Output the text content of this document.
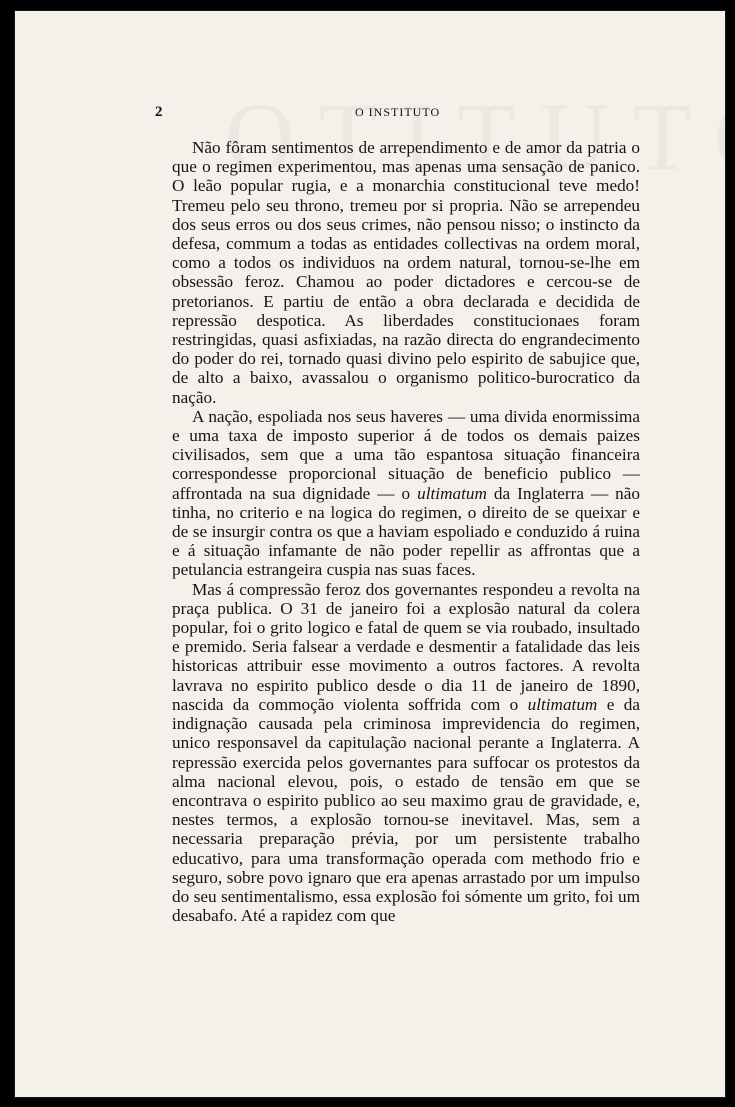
2	O INSTITUTO

Não fôram sentimentos de arrependimento e de amor da patria o que o regimen experimentou, mas apenas uma sensação de panico. O leão popular rugia, e a monarchia constitucional teve medo! Tremeu pelo seu throno, tremeu por si propria. Não se arrependeu dos seus erros ou dos seus crimes, não pensou nisso; o instincto da defesa, commum a todas as entidades collectivas na ordem moral, como a todos os individuos na ordem natural, tornou-se-lhe em obsessão feroz. Chamou ao poder dictadores e cercou-se de pretorianos. E partiu de então a obra declarada e decidida de repressão despotica. As liberdades constitucionaes foram restringidas, quasi asfixiadas, na razão directa do engrandecimento do poder do rei, tornado quasi divino pelo espirito de sabujice que, de alto a baixo, avassalou o organismo politico-burocratico da nação.

A nação, espoliada nos seus haveres — uma divida enormissima e uma taxa de imposto superior á de todos os demais paizes civilisados, sem que a uma tão espantosa situação financeira correspondesse proporcional situação de beneficio publico — affrontada na sua dignidade — o ultimatum da Inglaterra — não tinha, no criterio e na logica do regimen, o direito de se queixar e de se insurgir contra os que a haviam espoliado e conduzido á ruina e á situação infamante de não poder repellir as affrontas que a petulancia estrangeira cuspia nas suas faces.

Mas á compressão feroz dos governantes respondeu a revolta na praça publica. O 31 de janeiro foi a explosão natural da colera popular, foi o grito logico e fatal de quem se via roubado, insultado e premido. Seria falsear a verdade e desmentir a fatalidade das leis historicas attribuir esse movimento a outros factores. A revolta lavrava no espirito publico desde o dia 11 de janeiro de 1890, nascida da commoção violenta soffrida com o ultimatum e da indignação causada pela criminosa imprevidencia do regimen, unico responsavel da capitulação nacional perante a Inglaterra. A repressão exercida pelos governantes para suffocar os protestos da alma nacional elevou, pois, o estado de tensão em que se encontrava o espirito publico ao seu maximo grau de gravidade, e, nestes termos, a explosão tornou-se inevitavel. Mas, sem a necessaria preparação prévia, por um persistente trabalho educativo, para uma transformação operada com methodo frio e seguro, sobre povo ignaro que era apenas arrastado por um impulso do seu sentimentalismo, essa explosão foi sómente um grito, foi um desabafo. Até a rapidez com que
